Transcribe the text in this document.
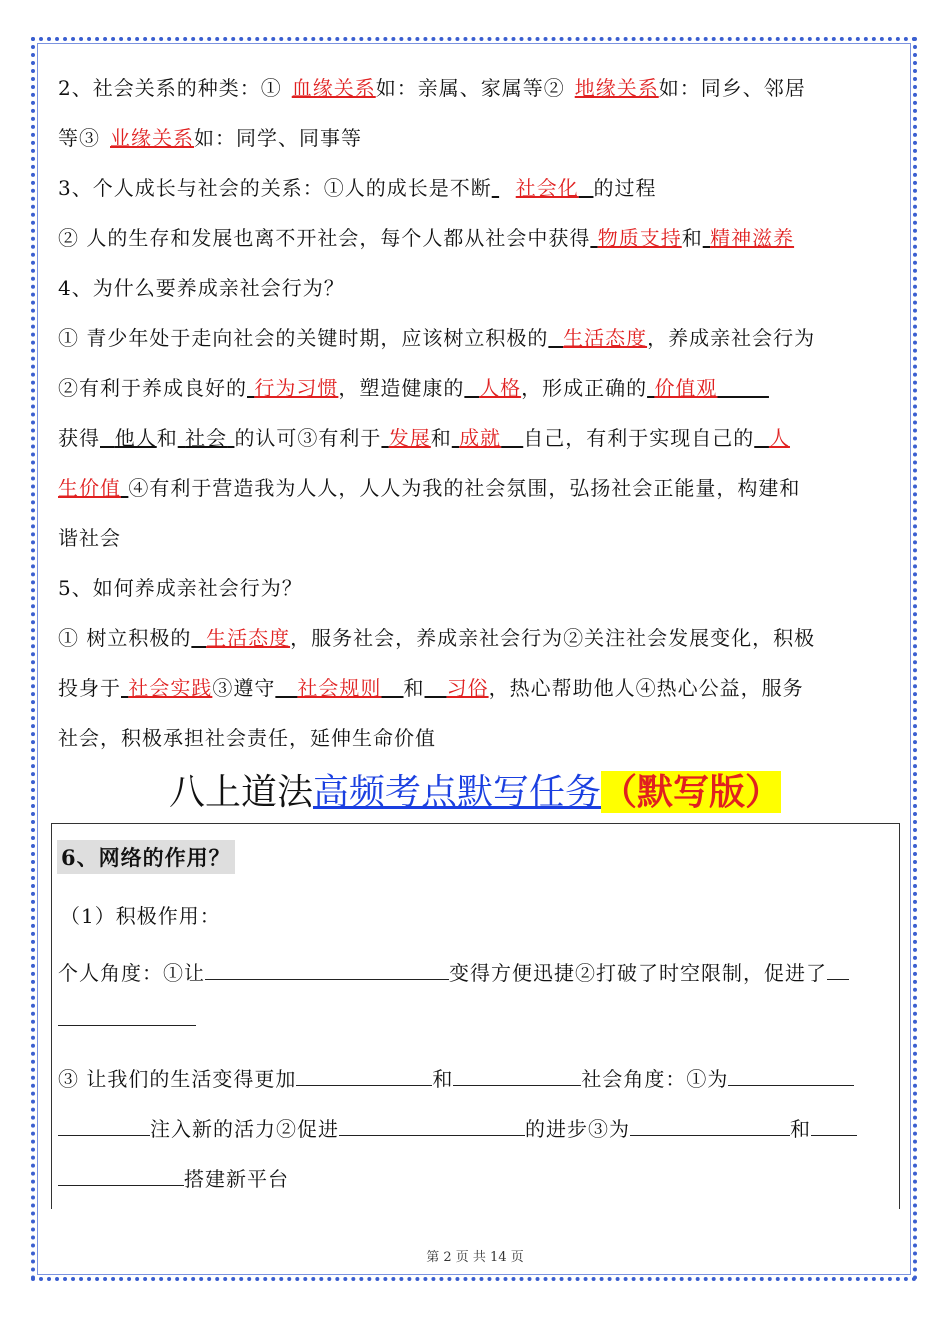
2、社会关系的种类：① 血缘关系如：亲属、家属等② 地缘关系如：同乡、邻居
等③ 业缘关系如：同学、同事等
3、个人成长与社会的关系：①人的成长是不断 社会化 的过程
② 人的生存和发展也离不开社会，每个人都从社会中获得 物质支持和 精神滋养
4、为什么要养成亲社会行为？
① 青少年处于走向社会的关键时期，应该树立积极的 生活态度，养成亲社会行为
②有利于养成良好的 行为习惯，塑造健康的 人格，形成正确的 价值观
获得 他人和 社会 的认可③有利于 发展和 成就 自己，有利于实现自己的 人
生价值 ④有利于营造我为人人，人人为我的社会氛围，弘扬社会正能量，构建和
谐社会
5、如何养成亲社会行为？
① 树立积极的 生活态度，服务社会，养成亲社会行为②关注社会发展变化，积极
投身于 社会实践③遵守 社会规则 和 习俗，热心帮助他人④热心公益，服务
社会，积极承担社会责任，延伸生命价值
八上道法高频考点默写任务（默写版）
6、网络的作用？
（1）积极作用：
个人角度：①让	变得方便迅捷②打破了时空限制，促进了
③ 让我们的生活变得更加	和	社会角度：①为
注入新的活力②促进	的进步③为	和
搭建新平台
第 2 页 共 14 页
